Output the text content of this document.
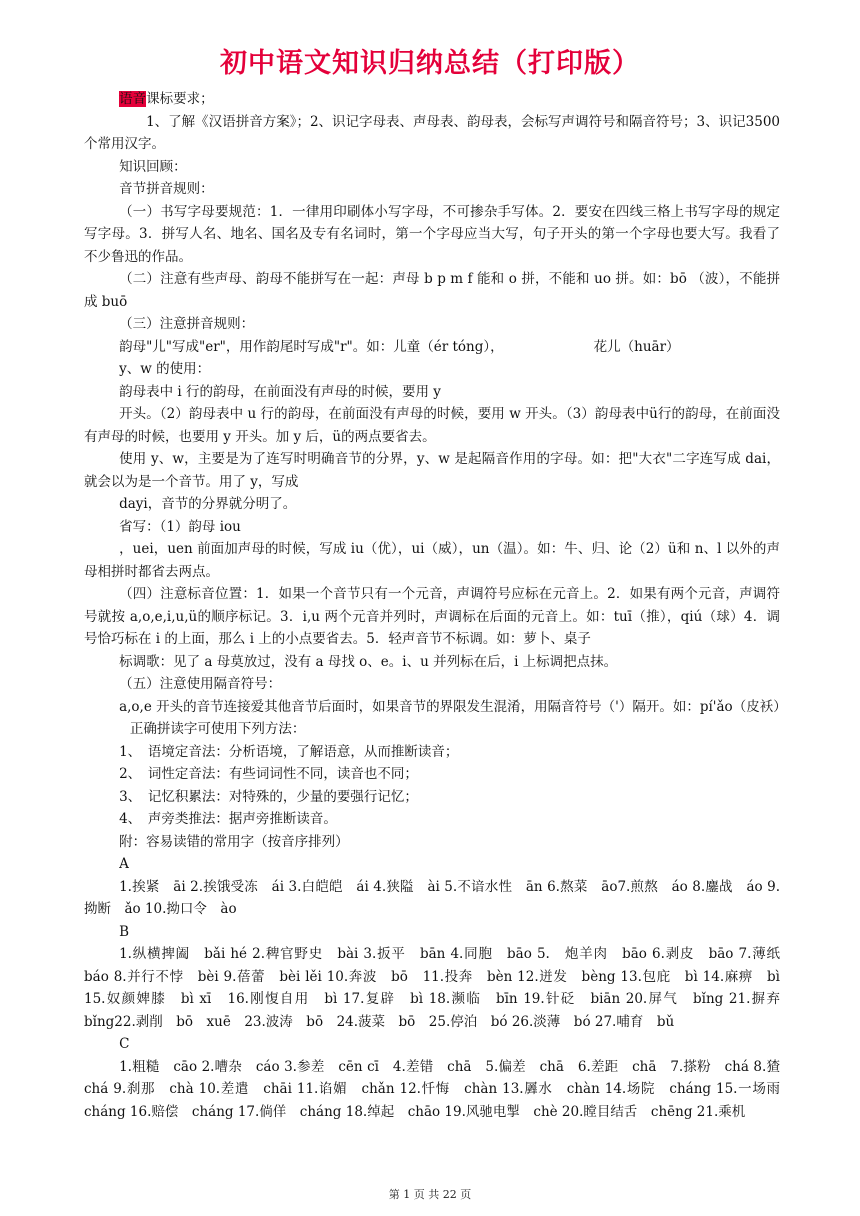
初中语文知识归纳总结（打印版）
语音课标要求；
1、了解《汉语拼音方案》；2、识记字母表、声母表、韵母表，会标写声调符号和隔音符号；3、识记3500个常用汉字。
知识回顾：
音节拼音规则：
（一）书写字母要规范：1．一律用印刷体小写字母，不可掺杂手写体。2．要安在四线三格上书写字母的规定写字母。3．拼写人名、地名、国名及专有名词时，第一个字母应当大写，句子开头的第一个字母也要大写。我看了不少鲁迅的作品。
（二）注意有些声母、韵母不能拼写在一起：声母 b p m f 能和 o 拼，不能和 uo 拼。如：bō （波），不能拼成 buō
（三）注意拼音规则：
韵母"儿"写成"er"，用作韵尾时写成"r"。如：儿童（ér tóng），	花儿（huār）
y、w 的使用：
韵母表中 i 行的韵母，在前面没有声母的时候，要用 y
开头。（2）韵母表中 u 行的韵母，在前面没有声母的时候，要用 w 开头。（3）韵母表中ü行的韵母，在前面没有声母的时候，也要用 y 开头。加 y 后，ü的两点要省去。
使用 y、w，主要是为了连写时明确音节的分界，y、w 是起隔音作用的字母。如：把"大衣"二字连写成 dai，就会以为是一个音节。用了 y，写成
dayi，音节的分界就分明了。
省写：（1）韵母 iou
，uei，uen 前面加声母的时候，写成 iu（优），ui（威），un（温）。如：牛、归、论（2）ü和 n、l 以外的声母相拼时都省去两点。
（四）注意标音位置：1．如果一个音节只有一个元音，声调符号应标在元音上。2．如果有两个元音，声调符号就按 a,o,e,i,u,ü的顺序标记。3．i,u 两个元音并列时，声调标在后面的元音上。如：tuī（推），qiú（球）4．调号恰巧标在 i 的上面，那么 i 上的小点要省去。5．轻声音节不标调。如：萝卜、桌子
标调歌：见了 a 母莫放过，没有 a 母找 o、e。i、u 并列标在后，i 上标调把点抹。
（五）注意使用隔音符号：
a,o,e 开头的音节连接爱其他音节后面时，如果音节的界限发生混淆，用隔音符号（'）隔开。如：pí'ǎo（皮袄）
正确拼读字可使用下列方法：
1、　语境定音法：分析语境，了解语意，从而推断读音；
2、　词性定音法：有些词词性不同，读音也不同；
3、　记忆积累法：对特殊的，少量的要强行记忆；
4、　声旁类推法：据声旁推断读音。
附：容易读错的常用字（按音序排列）
A
1.挨紧　āi 2.挨饿受冻　ái 3.白皑皑　ái 4.狭隘　ài 5.不谙水性　ān 6.熬菜　āo7.煎熬　áo 8.鏖战　áo 9.拗断　ǎo 10.拗口令　ào
B
1.纵横捭阖　bǎi hé 2.稗官野史　bài 3.扳平　bān 4.同胞　bāo 5.　炮羊肉　bāo 6.剥皮　bāo 7.薄纸　báo 8.并行不悖　bèi 9.蓓蕾　bèi lěi 10.奔波　bō　11.投奔　bèn 12.迸发　bèng 13.包庇　bì 14.麻痹　bì 15.奴颜婢膝　bì xī　16.刚愎自用　bì 17.复辟　bì 18.濒临　bīn 19.针砭　biān 20.屏气　bǐng 21.摒弃　bǐng22.剥削　bō　xuē　23.波涛　bō　24.菠菜　bō　25.停泊　bó 26.淡薄　bó 27.哺育　bǔ
C
1.粗糙　cāo 2.嘈杂　cáo 3.参差　cēn cī　4.差错　chā　5.偏差　chā　6.差距　chā　7.搽粉　chá 8.猹　chá 9.刹那　chà 10.差遣　chāi 11.谄媚　chǎn 12.忏悔　chàn 13.羼水　chàn 14.场院　cháng 15.一场雨　cháng 16.赔偿　cháng 17.倘佯　cháng 18.绰起　chāo 19.风驰电掣　chè 20.瞠目结舌　chēng 21.乘机
第 1 页 共 22 页
